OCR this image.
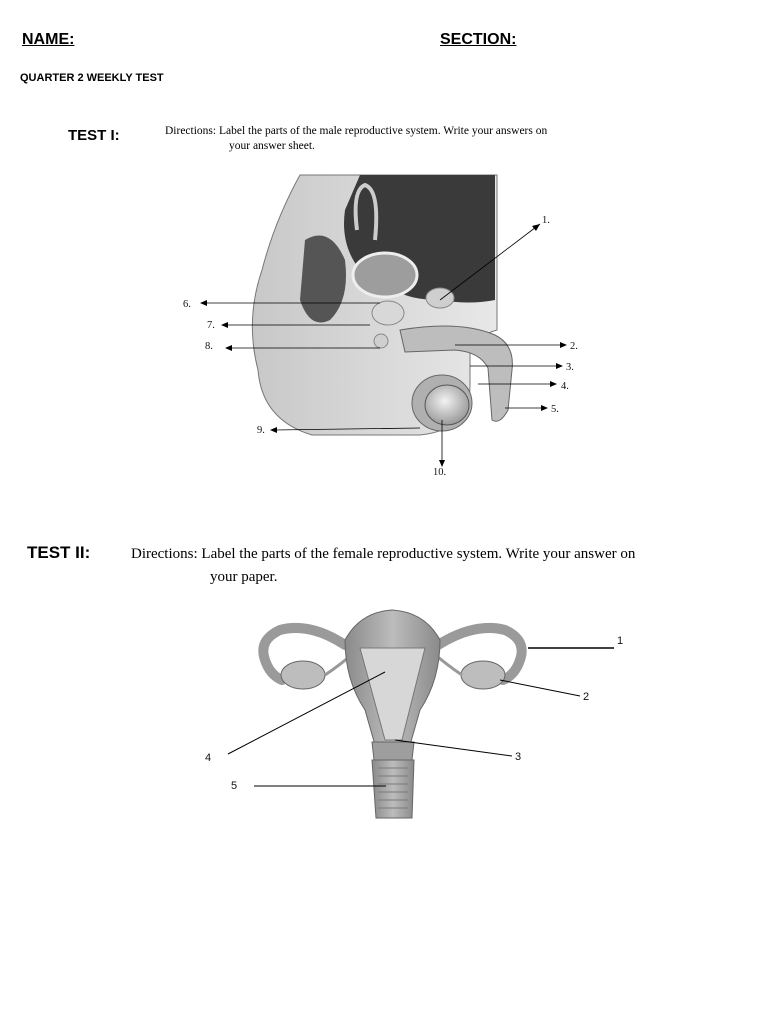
NAME:	SECTION:
QUARTER 2 WEEKLY TEST
TEST I:	Directions: Label the parts of the male reproductive system. Write your answers on
your answer sheet.
1.
2.
3.
4.
5.
6.
7.
8.
9.
10.
TEST II:	Directions: Label the parts of the female reproductive system. Write your answer on
your paper.
1
2
3
4
5
